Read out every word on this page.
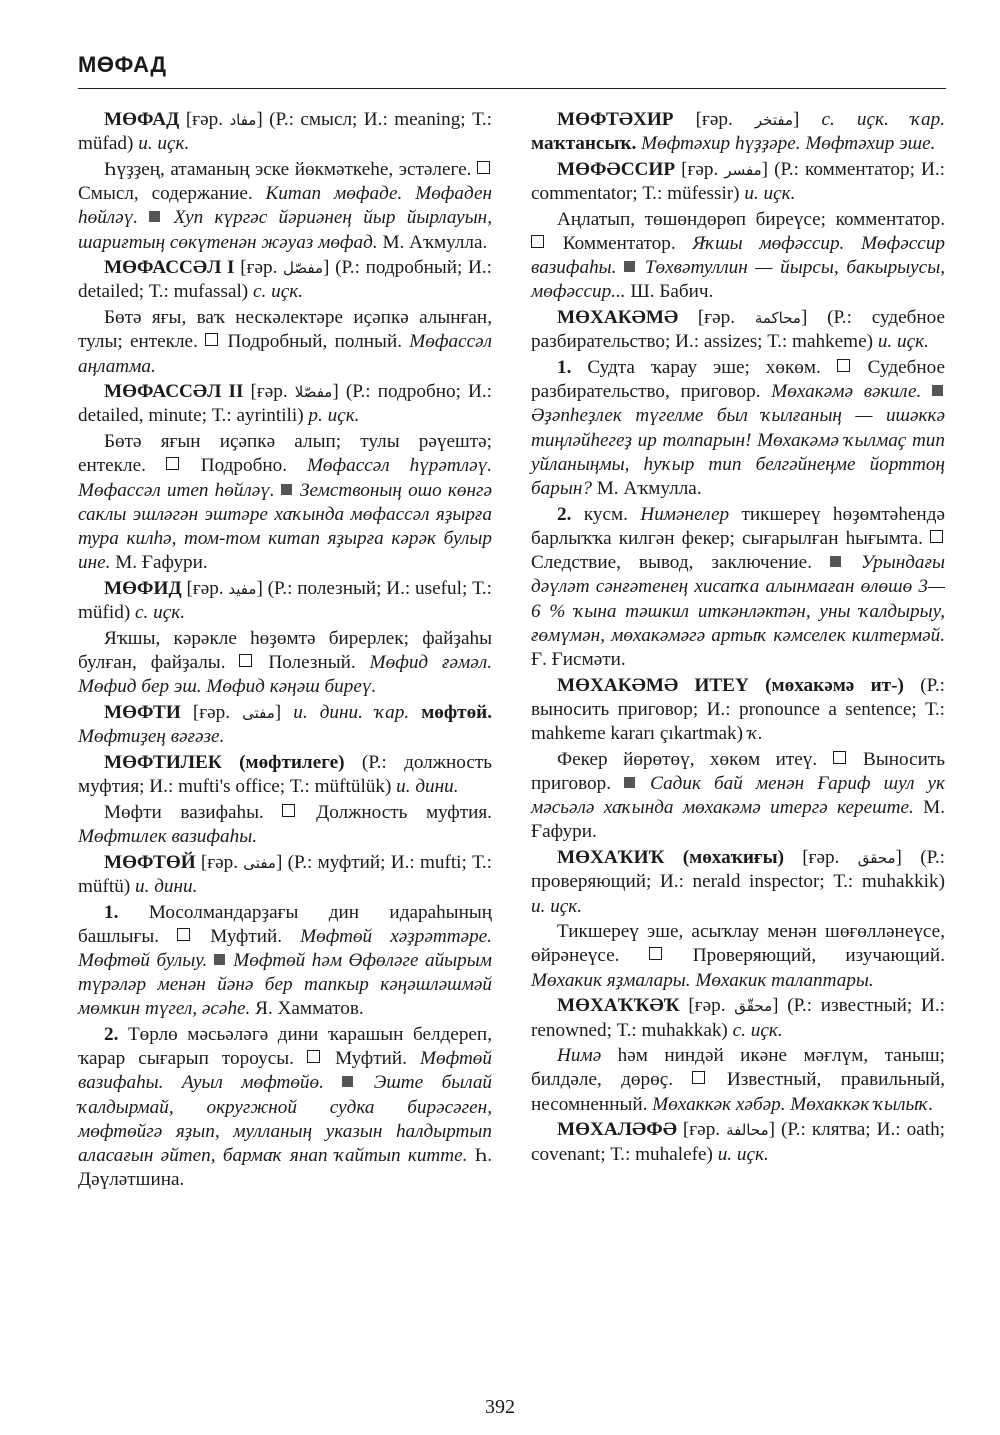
МӨФАД

МӨФАД [ғәр. مفاد] (Р.: смысл; И.: meaning; Т.: müfad) и. иҫк.

Һүҙҙең, атаманың эске йөкмәткеһе, эстәлеге.  Смысл, содержание. Китап мөфаде. Мөфаден һөйләү.  Хуп күргәс йәриәнең йыр йырлауын, шариғтың сөкүтенән жәуаз мөфад. М. Аҡмулла.

МӨФАССӘЛ I [ғәр. مفصّل] (Р.: подробный; И.: detailed; Т.: mufassal) с. иҫк.

Бөтә яғы, ваҡ нескәлектәре иҫәпкә алынған, тулы; ентекле.  Подробный, полный. Мөфассәл аңлатма.

МӨФАССӘЛ II [ғәр. مفصّلا] (Р.: подробно; И.: detailed, minute; Т.: ayrintili) р. иҫк.

Бөтә яғын иҫәпкә алып; тулы рәүештә; ентекле.  Подробно. Мөфассәл һүрәтләү. Мөфассәл итеп һөйләү.  Земствоның ошо көнгә саклы эшләгән эштәре хаҡында мөфассәл яҙырға тура килһә, том-том китап яҙырға кәрәк булыр ине. М. Ғафури.

МӨФИД [ғәр. مفيد] (Р.: полезный; И.: useful; Т.: müfid) с. иҫк.

Яҡшы, кәрәкле һөҙөмтә бирерлек; файҙаһы булған, файҙалы.  Полезный. Мөфид ғәмәл. Мөфид бер эш. Мөфид кәңәш биреү.

МӨФТИ [ғәр. مفتى] и. дини. ҡар. мөфтөй. Мөфтиҙең вәғәзе.

МӨФТИЛЕК (мөфтилеге) (Р.: должность муфтия; И.: mufti's office; Т.: müftülük) и. дини.

Мөфти вазифаһы.  Должность муфтия. Мөфтилек вазифаһы.

МӨФТӨЙ [ғәр. مفتى] (Р.: муфтий; И.: mufti; Т.: müftü) и. дини.

1. Мосолмандарҙағы дин идараһының башлығы.  Муфтий. Мөфтөй хәҙрәттәре. Мөфтөй булыу.  Мөфтөй һәм Өфөләге айырым түрәләр менән йәнә бер тапкыр кәңәшләшмәй мөмкин түгел, әсәһе. Я. Хамматов.

2. Төрлө мәсьәләгә дини ҡарашын белдереп, ҡарар сығарып тороусы.  Муфтий. Мөфтөй вазифаһы. Ауыл мөфтөйө.  Эште былай ҡалдырмай, округжной судка бирәсәген, мөфтөйгә яҙып, мулланың указын һалдыртып аласағын әйтеп, бармаҡ янап ҡайтып китте. Һ. Дәүләтшина.

МӨФТӘХИР [ғәр. مفتخر] с. иҫк. ҡар. маҡтансыҡ. Мөфтәхир һүҙҙәре. Мөфтәхир эше.

МӨФӘССИР [ғәр. مفسر] (Р.: комментатор; И.: commentator; Т.: müfessir) и. иҫк.

Аңлатып, төшөндөрөп биреүсе; комментатор.  Комментатор. Яҡшы мөфәссир. Мөфәссир вазифаһы.  Төхвәтуллин — йырсы, бакырыусы, мөфәссир... Ш. Бабич.

МӨХАКӘМӘ [ғәр. محاكمة] (Р.: судебное разбирательство; И.: assizes; Т.: mahkeme) и. иҫк.

1. Судта ҡарау эше; хөкөм.  Судебное разбирательство, приговор. Мөхакәмә вәкиле.  Әҙәпһеҙлек түгелме был ҡылғаның — ишәккә тиңләйһегеҙ ир толпарын! Мөхакәмә ҡылмаҫ тип уйланыңмы, һуҡыр тип белгәйнеңме йорттоң барын? М. Аҡмулла.

2. кусм. Нимәнелер тикшереү һөҙөмтәһендә барлыҡҡа килгән фекер; сығарылған һығымта.  Следствие, вывод, заключение.  Урындағы дәүләт сәнғәтенең хисапҡа алынмаған өлөшө 3—6 % ҡына тәшкил иткәнләктән, уны ҡалдырыу, ғөмүмән, мөхакәмәгә артыҡ кәмселек килтермәй. Ғ. Ғисмәти.

МӨХАКӘМӘ ИТЕҮ (мөхакәмә ит-) (Р.: выносить приговор; И.: pronounce a sentence; Т.: mahkeme kararı çıkartmak) ҡ.

Фекер йөрөтөү, хөкөм итеү.  Выносить приговор.  Садик бай менән Ғариф шул ук мәсьәлә хаҡында мөхакәмә итергә кереште. М. Ғафури.

МӨХАҠИҠ (мөхаҡиғы) [ғәр. محقق] (Р.: проверяющий; И.: nerald inspector; Т.: muhakkik) и. иҫк.

Тикшереү эше, асыҡлау менән шөғөлләнеүсе, өйрәнеүсе.  Проверяющий, изучающий. Мөхакик яҙмалары. Мөхакик талаптары.

МӨХАҠҠӘҠ [ғәр. محقّق] (Р.: известный; И.: renowned; Т.: muhakkak) с. иҫк.

Нимә һәм ниндәй икәне мәғлүм, таныш; билдәле, дөрөҫ.  Известный, правильный, несомненный. Мөхаккәк хәбәр. Мөхаккәк ҡылыҡ.

МӨХАЛӘФӘ [ғәр. محالفة] (Р.: клятва; И.: oath; covenant; Т.: muhalefe) и. иҫк.

392
